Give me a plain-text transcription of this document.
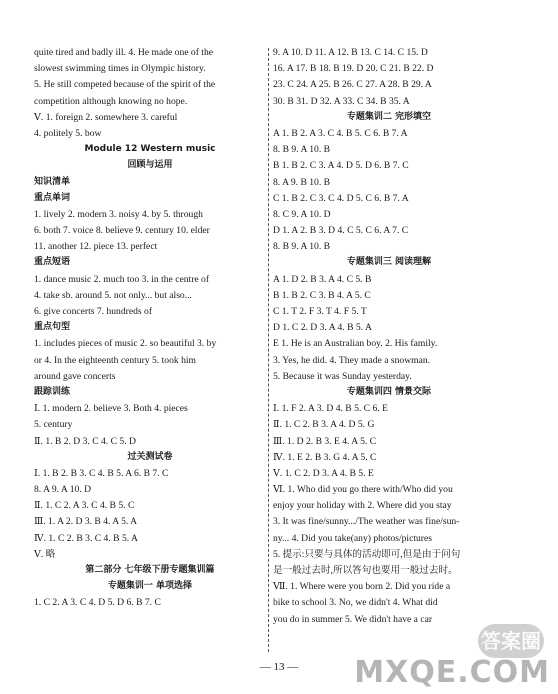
quite tired and badly ill. 4. He made one of the
slowest swimming times in Olympic history.
5. He still competed because of the spirit of the
competition although knowing no hope.
Ⅴ. 1. foreign 2. somewhere 3. careful
4. politely 5. bow
Module 12 Western music
回顾与运用
知识清单
重点单词
1. lively 2. modern 3. noisy 4. by 5. through
6. both 7. voice 8. believe 9. century 10. elder
11. another 12. piece 13. perfect
重点短语
1. dance music 2. much too 3. in the centre of
4. take sb. around 5. not only... but also...
6. give concerts 7. hundreds of
重点句型
1. includes pieces of music 2. so beautiful 3. by
or 4. In the eighteenth century 5. took him
around gave concerts
跟踪训练
Ⅰ. 1. modern 2. believe 3. Both 4. pieces
5. century
Ⅱ. 1. B 2. D 3. C 4. C 5. D
过关测试卷
Ⅰ. 1. B 2. B 3. C 4. B 5. A 6. B 7. C
8. A 9. A 10. D
Ⅱ. 1. C 2. A 3. C 4. B 5. C
Ⅲ. 1. A 2. D 3. B 4. A 5. A
Ⅳ. 1. C 2. B 3. C 4. B 5. A
Ⅴ. 略
第二部分 七年级下册专题集训篇
专题集训一 单项选择
1. C 2. A 3. C 4. D 5. D 6. B 7. C
9. A 10. D 11. A 12. B 13. C 14. C 15. D
16. A 17. B 18. B 19. D 20. C 21. B 22. D
23. C 24. A 25. B 26. C 27. A 28. B 29. A
30. B 31. D 32. A 33. C 34. B 35. A
专题集训二 完形填空
A 1. B 2. A 3. C 4. B 5. C 6. B 7. A
8. B 9. A 10. B
B 1. B 2. C 3. A 4. D 5. D 6. B 7. C
8. A 9. B 10. B
C 1. B 2. C 3. C 4. D 5. C 6. B 7. A
8. C 9. A 10. D
D 1. A 2. B 3. D 4. C 5. C 6. A 7. C
8. B 9. A 10. B
专题集训三 阅读理解
A 1. D 2. B 3. A 4. C 5. B
B 1. B 2. C 3. B 4. A 5. C
C 1. T 2. F 3. T 4. F 5. T
D 1. C 2. D 3. A 4. B 5. A
E 1. He is an Australian boy. 2. His family.
3. Yes, he did. 4. They made a snowman.
5. Because it was Sunday yesterday.
专题集训四 情景交际
Ⅰ. 1. F 2. A 3. D 4. B 5. C 6. E
Ⅱ. 1. C 2. B 3. A 4. D 5. G
Ⅲ. 1. D 2. B 3. E 4. A 5. C
Ⅳ. 1. E 2. B 3. G 4. A 5. C
Ⅴ. 1. C 2. D 3. A 4. B 5. E
Ⅵ. 1. Who did you go there with/Who did you
enjoy your holiday with 2. Where did you stay
3. It was fine/sunny.../The weather was fine/sun-
ny... 4. Did you take(any) photos/pictures
5. 提示:只要与具体的活动即可,但是由于问句
是一般过去时,所以答句也要用一般过去时。
Ⅶ. 1. Where were you born 2. Did you ride a
bike to school 3. No, we didn't 4. What did
you do in summer 5. We didn't have a car
— 13 —
答案圈
MXQE.COM
